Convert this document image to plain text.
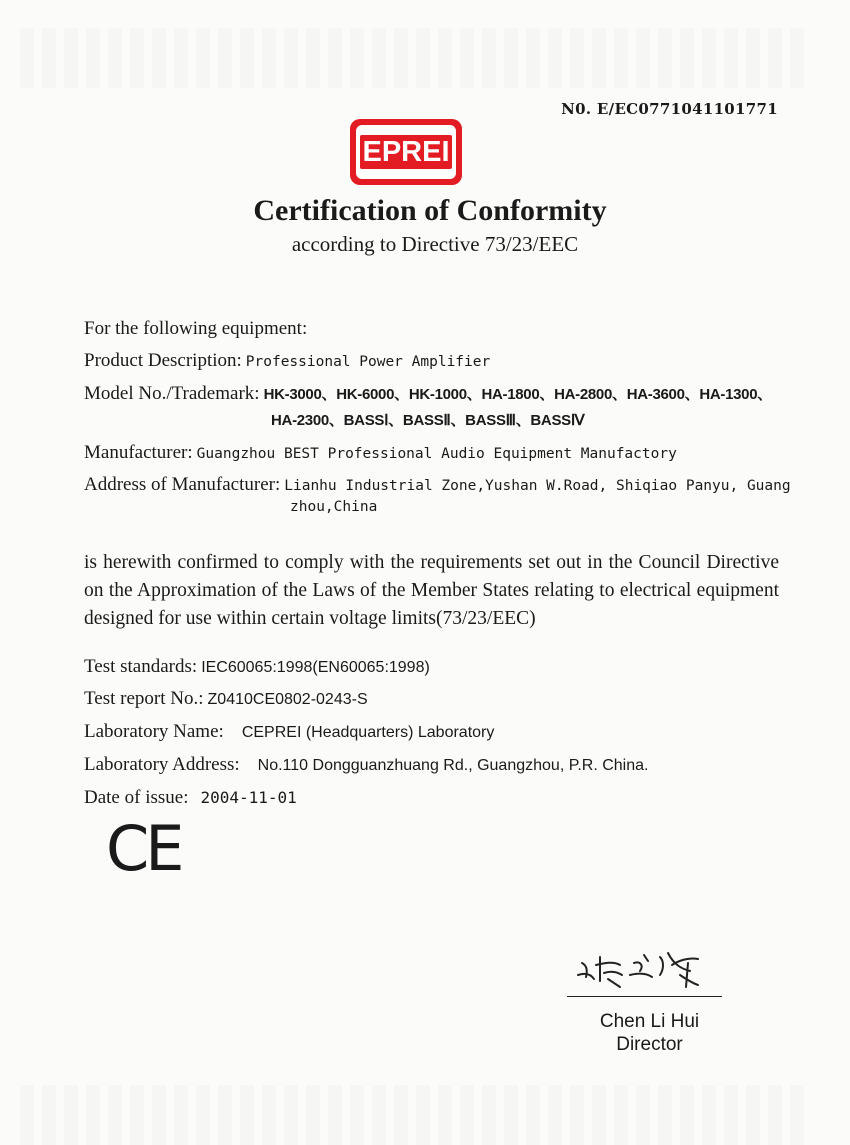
N0. E/EC0771041101771
EPREI
Certification of Conformity
according to Directive 73/23/EEC
For the following equipment:
Product Description: Professional Power Amplifier
Model No./Trademark: HK-3000、HK-6000、HK-1000、HA-1800、HA-2800、HA-3600、HA-1300、
HA-2300、BASSⅠ、BASSⅡ、BASSⅢ、BASSⅣ
Manufacturer: Guangzhou BEST Professional Audio Equipment Manufactory
Address of Manufacturer: Lianhu Industrial Zone,Yushan W.Road, Shiqiao Panyu, Guang
zhou,China
is herewith confirmed to comply with the requirements set out in the Council Directive on the Approximation of the Laws of the Member States relating to electrical equipment designed for use within certain voltage limits(73/23/EEC)
Test standards: IEC60065:1998(EN60065:1998)
Test report No.: Z0410CE0802-0243-S
Laboratory Name: CEPREI (Headquarters) Laboratory
Laboratory Address: No.110 Dongguanzhuang Rd., Guangzhou, P.R. China.
Date of issue: 2004-11-01
CE
Chen Li Hui
Director
